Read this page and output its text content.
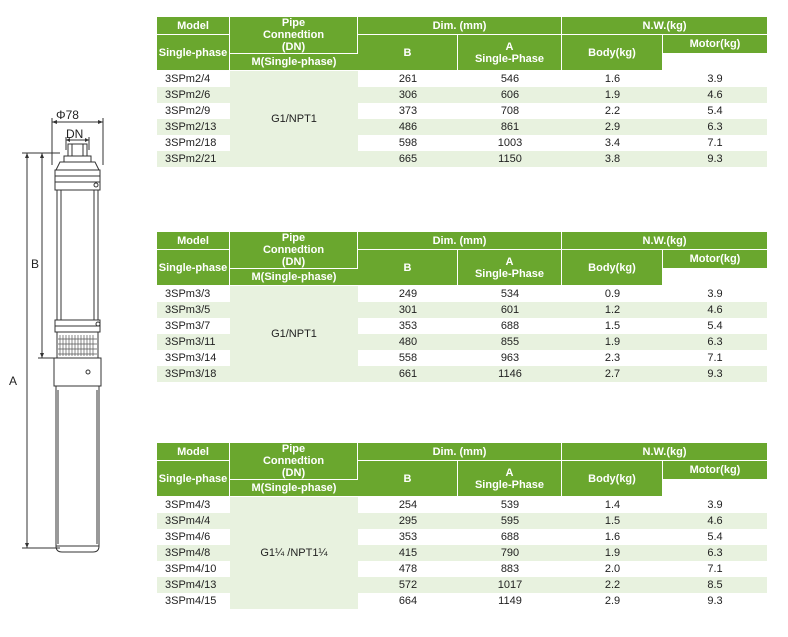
Φ78
DN
B
A
Model	Pipe
Connedtion
(DN)	Dim. (mm)		N.W.(kg)	
Single-phase		B	A
Single-Phase	Body(kg)	Motor(kg)
	M(Single-phase)				
3SPm2/4	G1/NPT1	261	546	1.6	3.9
3SPm2/6		306	606	1.9	4.6
3SPm2/9		373	708	2.2	5.4
3SPm2/13		486	861	2.9	6.3
3SPm2/18		598	1003	3.4	7.1
3SPm2/21		665	1150	3.8	9.3
Model	Pipe
Connedtion
(DN)	Dim. (mm)		N.W.(kg)	
Single-phase		B	A
Single-Phase	Body(kg)	Motor(kg)
	M(Single-phase)				
3SPm3/3	G1/NPT1	249	534	0.9	3.9
3SPm3/5		301	601	1.2	4.6
3SPm3/7		353	688	1.5	5.4
3SPm3/11		480	855	1.9	6.3
3SPm3/14		558	963	2.3	7.1
3SPm3/18		661	1146	2.7	9.3
Model	Pipe
Connedtion
(DN)	Dim. (mm)		N.W.(kg)	
Single-phase		B	A
Single-Phase	Body(kg)	Motor(kg)
	M(Single-phase)				
3SPm4/3	G1¼ /NPT1¼	254	539	1.4	3.9
3SPm4/4		295	595	1.5	4.6
3SPm4/6		353	688	1.6	5.4
3SPm4/8		415	790	1.9	6.3
3SPm4/10		478	883	2.0	7.1
3SPm4/13		572	1017	2.2	8.5
3SPm4/15		664	1149	2.9	9.3
